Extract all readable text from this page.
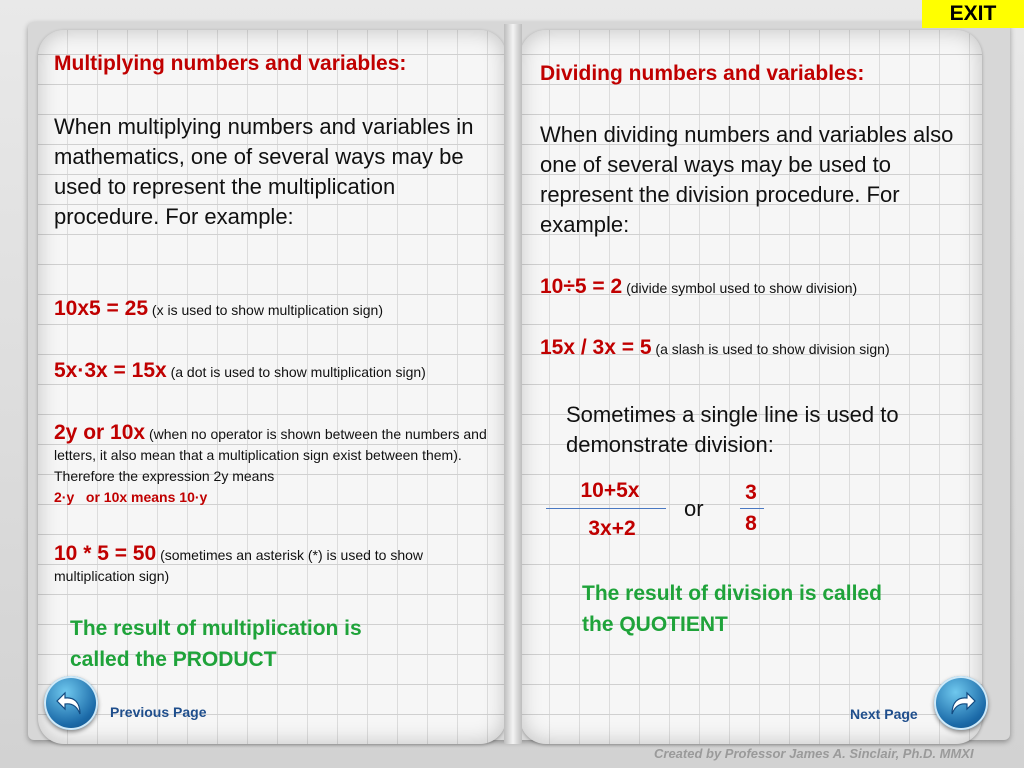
EXIT
Multiplying numbers and variables:
When multiplying numbers and variables in mathematics, one of several ways may be used to represent the multiplication procedure. For example:
10x5 = 25 (x is used to show multiplication sign)
5x·3x = 15x (a dot is used to show multiplication sign)
2y or 10x (when no operator is shown between the numbers and letters, it also mean that a multiplication sign exist between them). Therefore the expression 2y means
2·y   or 10x means 10·y
10 * 5 = 50 (sometimes an asterisk (*) is used to show multiplication sign)
The result of multiplication is called the PRODUCT
Dividing numbers and variables:
When dividing numbers and variables also one of several ways may be used to represent the division procedure. For example:
10÷5 = 2 (divide symbol used to show division)
15x / 3x = 5 (a slash is used to show division sign)
Sometimes a single line is used to demonstrate division:
10+5x
3x+2
or
3
8
The result of division is called the QUOTIENT
Previous Page	Next Page
Created by Professor James A. Sinclair, Ph.D. MMXI
